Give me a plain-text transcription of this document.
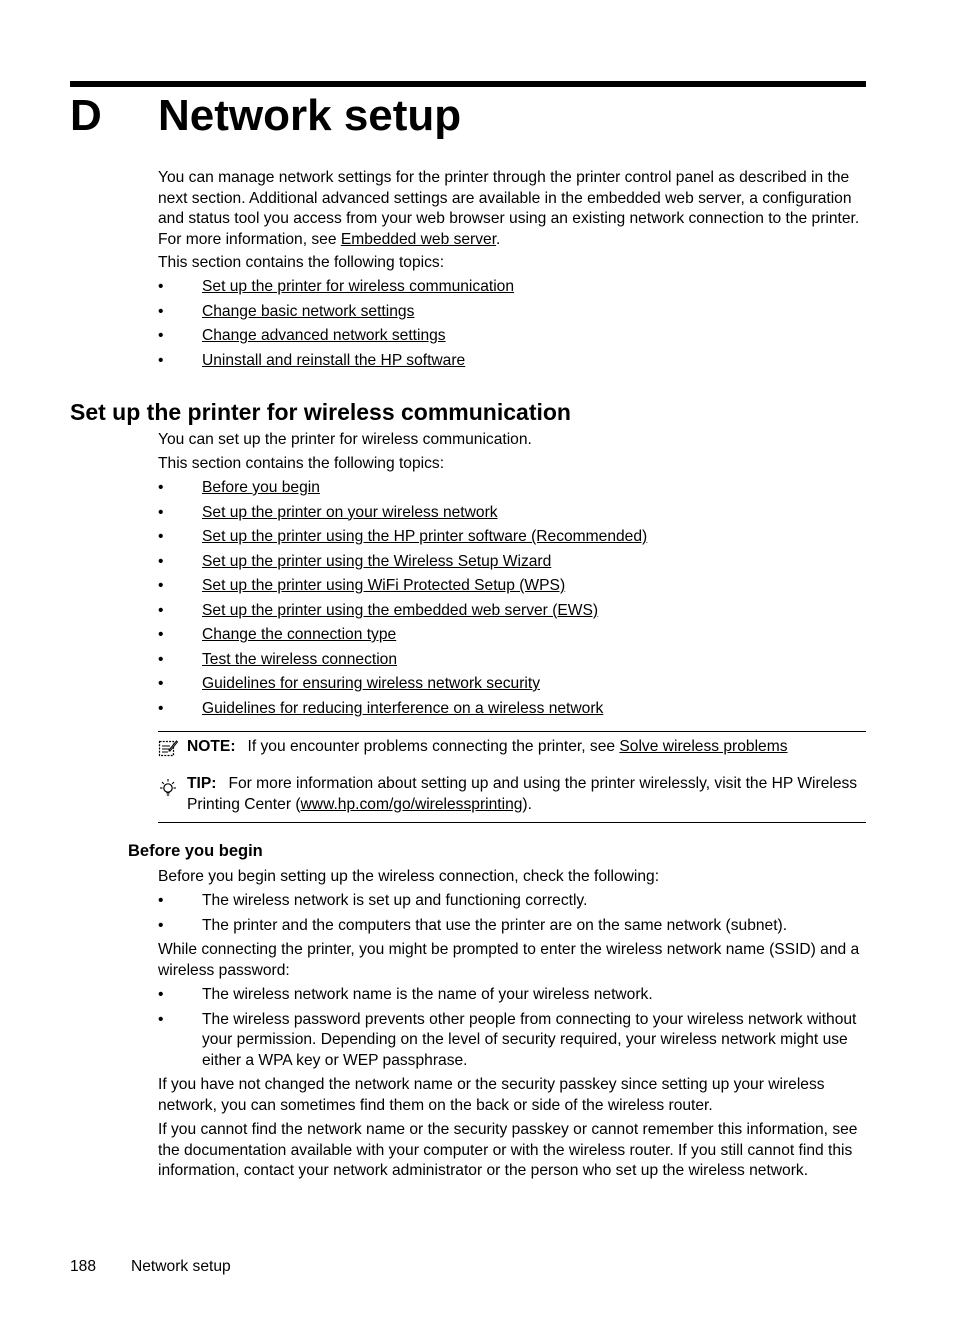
D Network setup

You can manage network settings for the printer through the printer control panel as described in the next section. Additional advanced settings are available in the embedded web server, a configuration and status tool you access from your web browser using an existing network connection to the printer. For more information, see Embedded web server.

This section contains the following topics:

• Set up the printer for wireless communication
• Change basic network settings
• Change advanced network settings
• Uninstall and reinstall the HP software
Set up the printer for wireless communication

You can set up the printer for wireless communication.

This section contains the following topics:

• Before you begin
• Set up the printer on your wireless network
• Set up the printer using the HP printer software (Recommended)
• Set up the printer using the Wireless Setup Wizard
• Set up the printer using WiFi Protected Setup (WPS)
• Set up the printer using the embedded web server (EWS)
• Change the connection type
• Test the wireless connection
• Guidelines for ensuring wireless network security
• Guidelines for reducing interference on a wireless network

NOTE: If you encounter problems connecting the printer, see Solve wireless problems

TIP: For more information about setting up and using the printer wirelessly, visit the HP Wireless Printing Center (www.hp.com/go/wirelessprinting).

Before you begin

Before you begin setting up the wireless connection, check the following:

• The wireless network is set up and functioning correctly.
• The printer and the computers that use the printer are on the same network (subnet).

While connecting the printer, you might be prompted to enter the wireless network name (SSID) and a wireless password:

• The wireless network name is the name of your wireless network.
• The wireless password prevents other people from connecting to your wireless network without your permission. Depending on the level of security required, your wireless network might use either a WPA key or WEP passphrase.

If you have not changed the network name or the security passkey since setting up your wireless network, you can sometimes find them on the back or side of the wireless router.

If you cannot find the network name or the security passkey or cannot remember this information, see the documentation available with your computer or with the wireless router. If you still cannot find this information, contact your network administrator or the person who set up the wireless network.

188 Network setup
